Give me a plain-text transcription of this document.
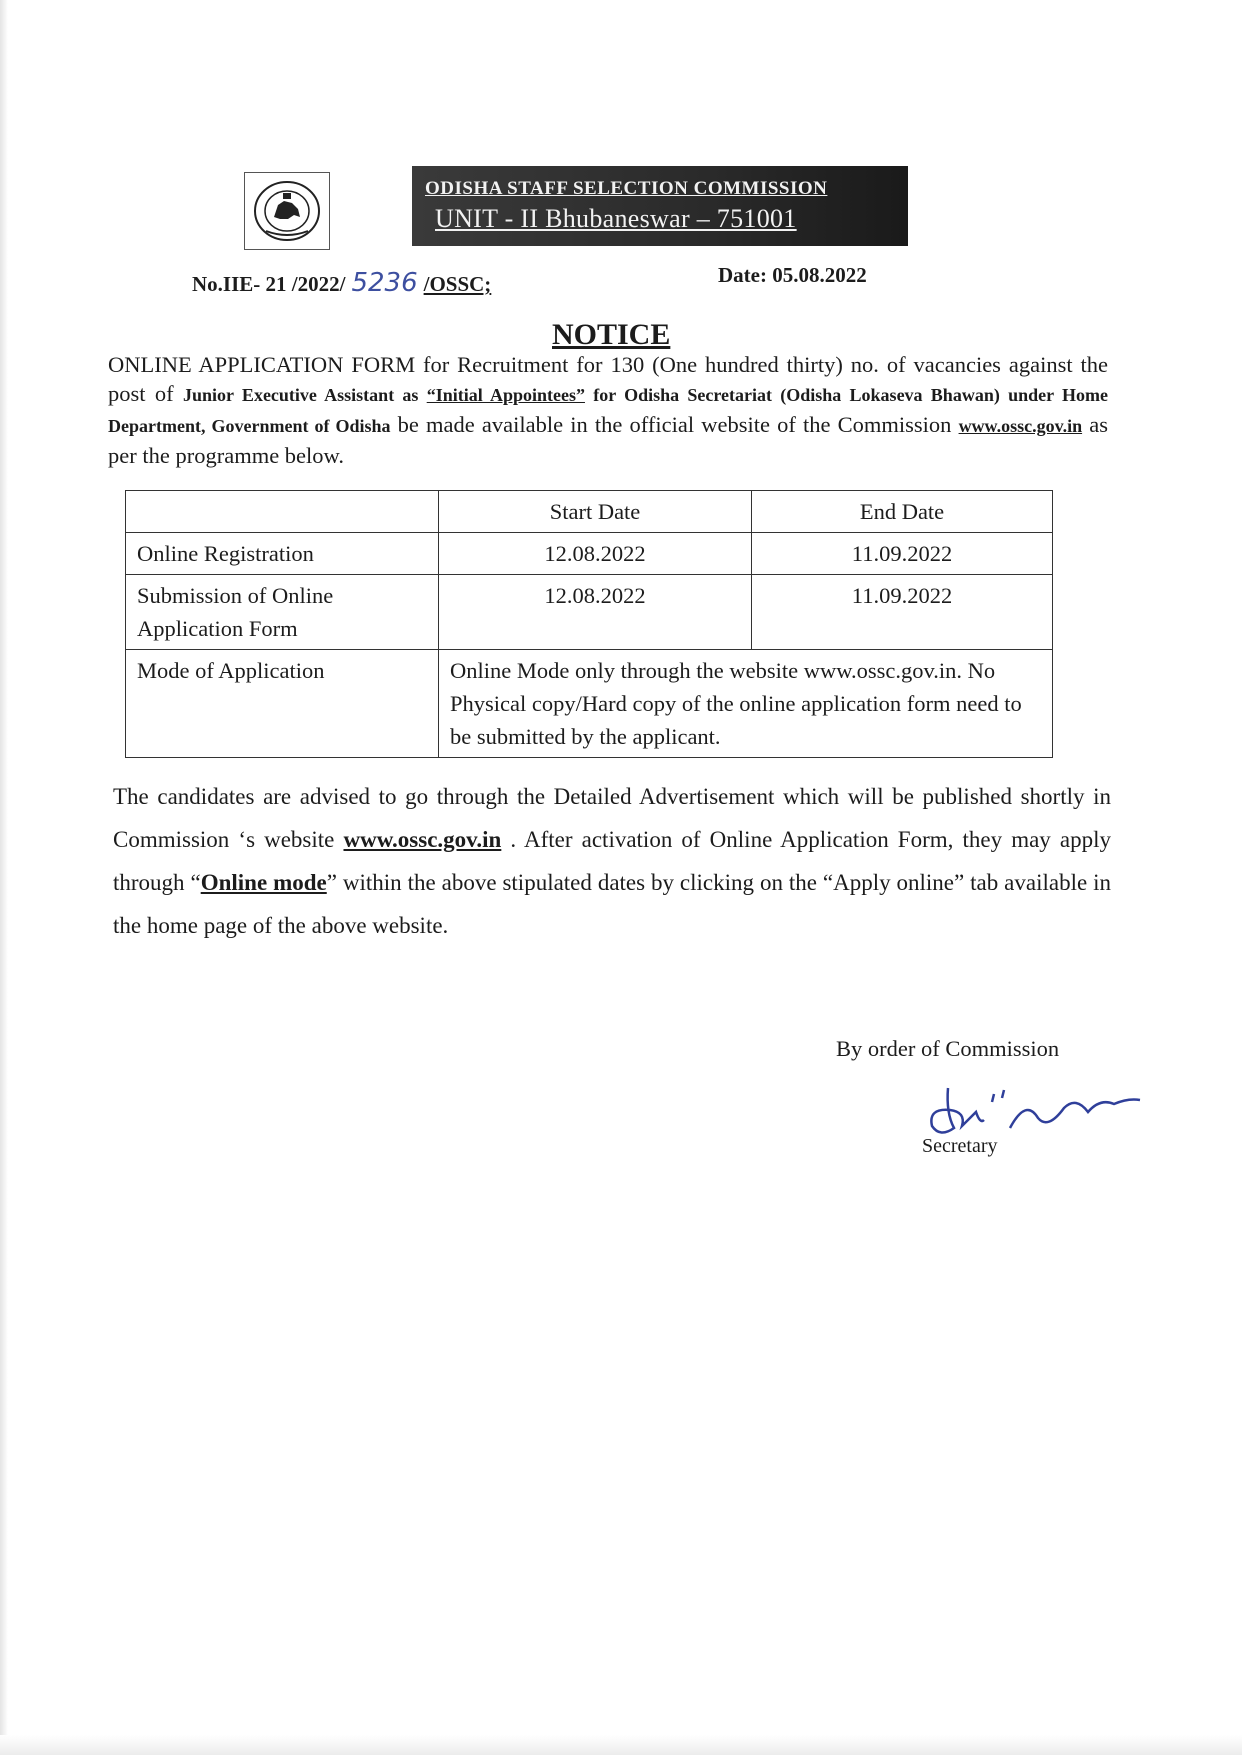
ODISHA STAFF SELECTION COMMISSION
UNIT - II Bhubaneswar – 751001
No.IIE- 21 /2022/ 5236 /OSSC;	Date: 05.08.2022
NOTICE
ONLINE APPLICATION FORM for Recruitment for 130 (One hundred thirty) no. of vacancies against the post of Junior Executive Assistant as “Initial Appointees” for Odisha Secretariat (Odisha Lokaseva Bhawan) under Home Department, Government of Odisha be made available in the official website of the Commission www.ossc.gov.in as per the programme below.
	Start Date	End Date
Online Registration	12.08.2022	11.09.2022
Submission of Online Application Form	12.08.2022	11.09.2022
Mode of Application	Online Mode only through the website www.ossc.gov.in. No Physical copy/Hard copy of the online application form need to be submitted by the applicant.	
The candidates are advised to go through the Detailed Advertisement which will be published shortly in Commission ‘s website www.ossc.gov.in . After activation of Online Application Form, they may apply through “Online mode” within the above stipulated dates by clicking on the “Apply online” tab available in the home page of the above website.
By order of Commission
Secretary
